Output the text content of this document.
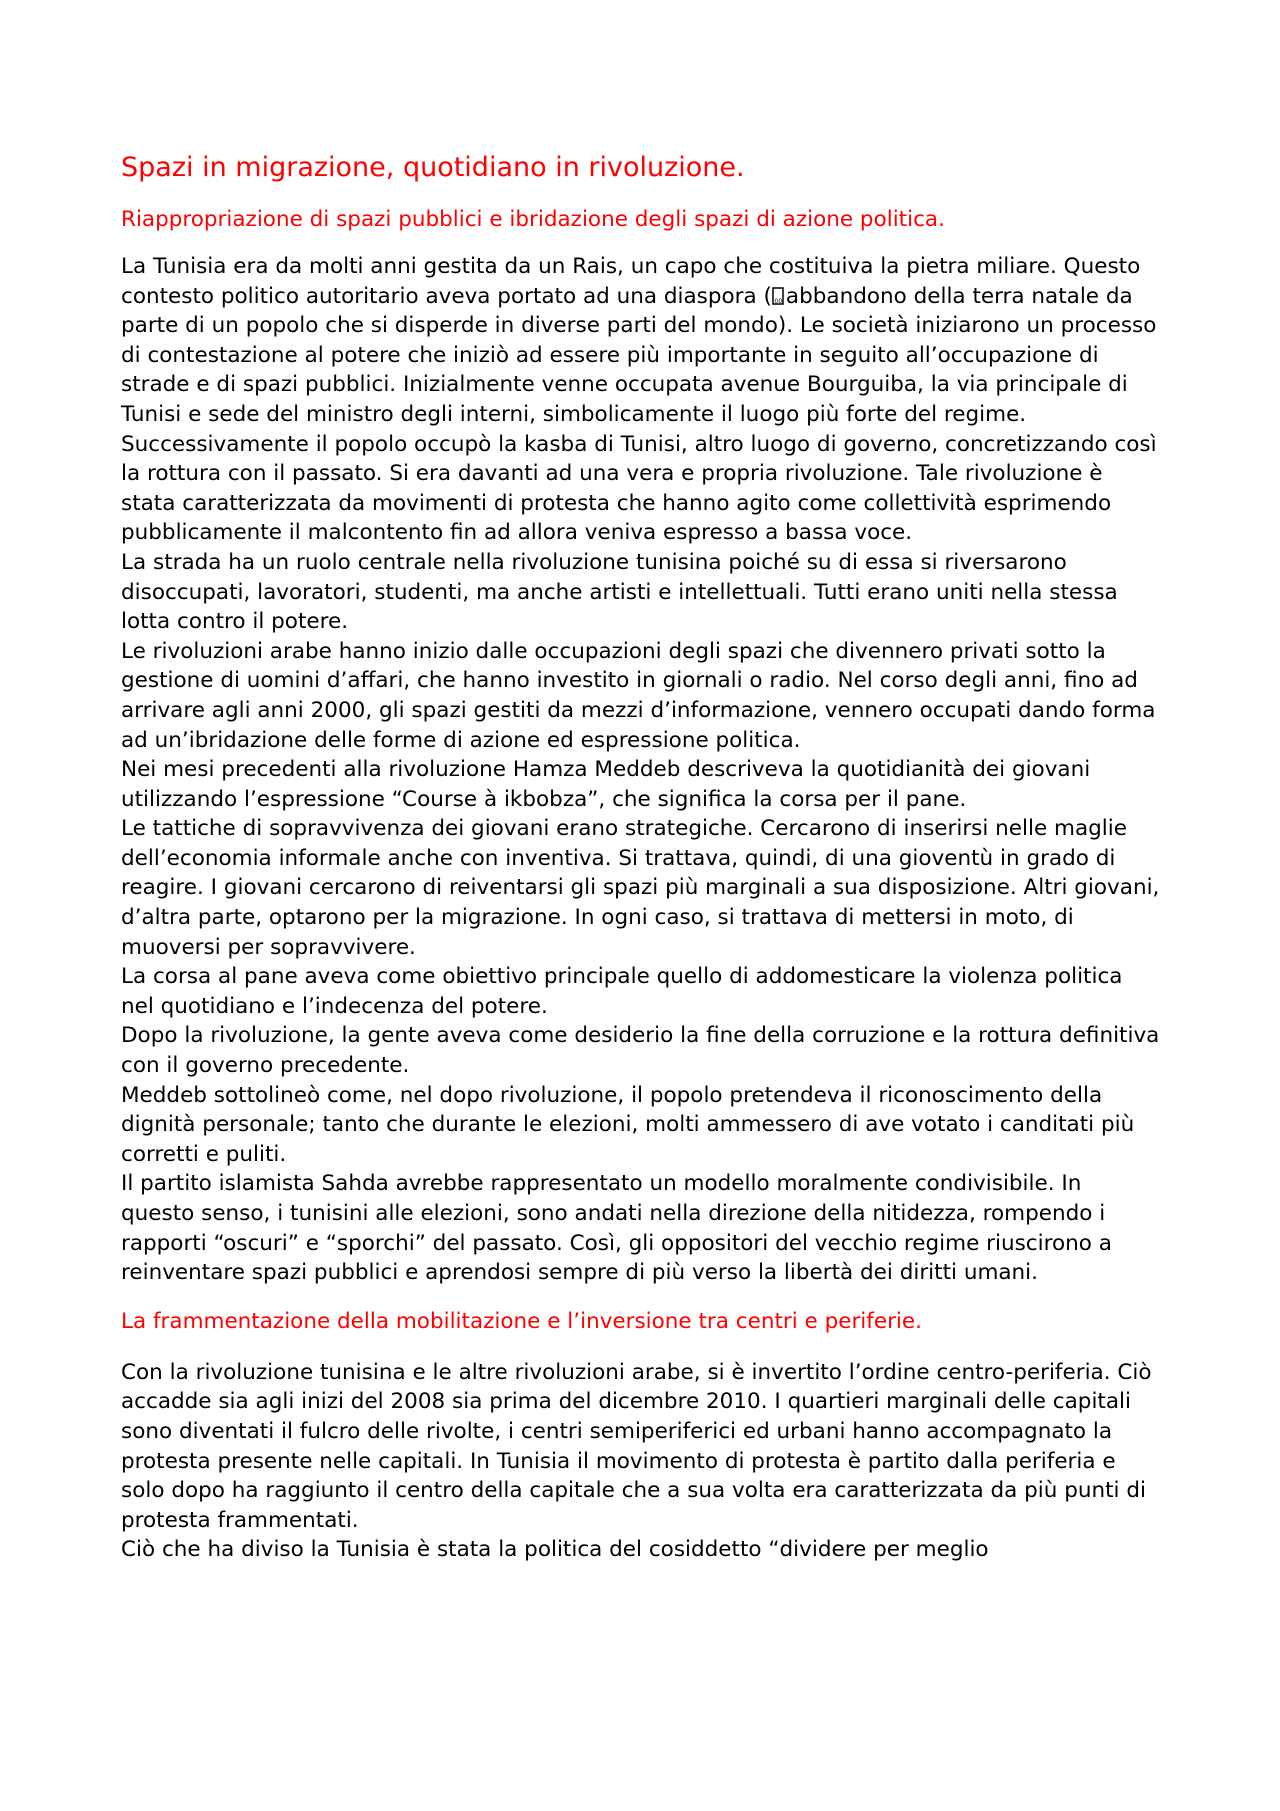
Spazi in migrazione, quotidiano in rivoluzione.
Riappropriazione di spazi pubblici e ibridazione degli spazi di azione politica.

La Tunisia era da molti anni gestita da un Rais, un capo che costituiva la pietra miliare. Questo contesto politico autoritario aveva portato ad una diaspora ( 00 abbandono della terra natale da parte di un popolo che si disperde in diverse parti del mondo). Le società iniziarono un processo di contestazione al potere che iniziò ad essere più importante in seguito all’occupazione di strade e di spazi pubblici. Inizialmente venne occupata avenue Bourguiba, la via principale di Tunisi e sede del ministro degli interni, simbolicamente il luogo più forte del regime.

Successivamente il popolo occupò la kasba di Tunisi, altro luogo di governo, concretizzando così la rottura con il passato. Si era davanti ad una vera e propria rivoluzione. Tale rivoluzione è stata caratterizzata da movimenti di protesta che hanno agito come collettività esprimendo pubblicamente il malcontento fin ad allora veniva espresso a bassa voce.

La strada ha un ruolo centrale nella rivoluzione tunisina poiché su di essa si riversarono disoccupati, lavoratori, studenti, ma anche artisti e intellettuali. Tutti erano uniti nella stessa lotta contro il potere.

Le rivoluzioni arabe hanno inizio dalle occupazioni degli spazi che divennero privati sotto la gestione di uomini d’affari, che hanno investito in giornali o radio. Nel corso degli anni, fino ad arrivare agli anni 2000, gli spazi gestiti da mezzi d’informazione, vennero occupati dando forma ad un’ibridazione delle forme di azione ed espressione politica.

Nei mesi precedenti alla rivoluzione Hamza Meddeb descriveva la quotidianità dei giovani utilizzando l’espressione “Course à ikbobza”, che significa la corsa per il pane.

Le tattiche di sopravvivenza dei giovani erano strategiche. Cercarono di inserirsi nelle maglie dell’economia informale anche con inventiva. Si trattava, quindi, di una gioventù in grado di reagire. I giovani cercarono di reiventarsi gli spazi più marginali a sua disposizione. Altri giovani, d’altra parte, optarono per la migrazione. In ogni caso, si trattava di mettersi in moto, di muoversi per sopravvivere.

La corsa al pane aveva come obiettivo principale quello di addomesticare la violenza politica nel quotidiano e l’indecenza del potere.

Dopo la rivoluzione, la gente aveva come desiderio la fine della corruzione e la rottura definitiva con il governo precedente.

Meddeb sottolineò come, nel dopo rivoluzione, il popolo pretendeva il riconoscimento della dignità personale; tanto che durante le elezioni, molti ammessero di ave votato i canditati più corretti e puliti.

Il partito islamista Sahda avrebbe rappresentato un modello moralmente condivisibile. In questo senso, i tunisini alle elezioni, sono andati nella direzione della nitidezza, rompendo i rapporti “oscuri” e “sporchi” del passato. Così, gli oppositori del vecchio regime riuscirono a reinventare spazi pubblici e aprendosi sempre di più verso la libertà dei diritti umani.

La frammentazione della mobilitazione e l’inversione tra centri e periferie.

Con la rivoluzione tunisina e le altre rivoluzioni arabe, si è invertito l’ordine centro-periferia. Ciò accadde sia agli inizi del 2008 sia prima del dicembre 2010. I quartieri marginali delle capitali sono diventati il fulcro delle rivolte, i centri semiperiferici ed urbani hanno accompagnato la protesta presente nelle capitali. In Tunisia il movimento di protesta è partito dalla periferia e solo dopo ha raggiunto il centro della capitale che a sua volta era caratterizzata da più punti di protesta frammentati.

Ciò che ha diviso la Tunisia è stata la politica del cosiddetto “dividere per meglio
